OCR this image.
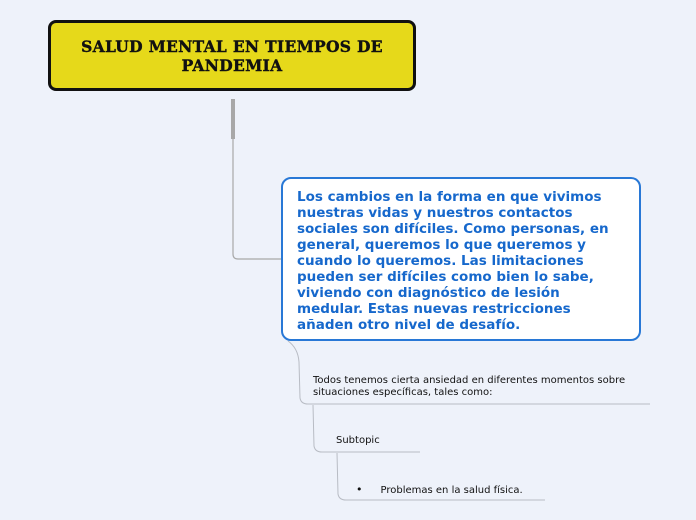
SALUD MENTAL EN TIEMPOS DE PANDEMIA

Los cambios en la forma en que vivimos nuestras vidas y nuestros contactos sociales son difíciles. Como personas, en general, queremos lo que queremos y cuando lo queremos. Las limitaciones pueden ser difíciles como bien lo sabe, viviendo con diagnóstico de lesión medular. Estas nuevas restricciones añaden otro nivel de desafío.

Todos tenemos cierta ansiedad en diferentes momentos sobre situaciones específicas, tales como:

Subtopic

• Problemas en la salud física.
